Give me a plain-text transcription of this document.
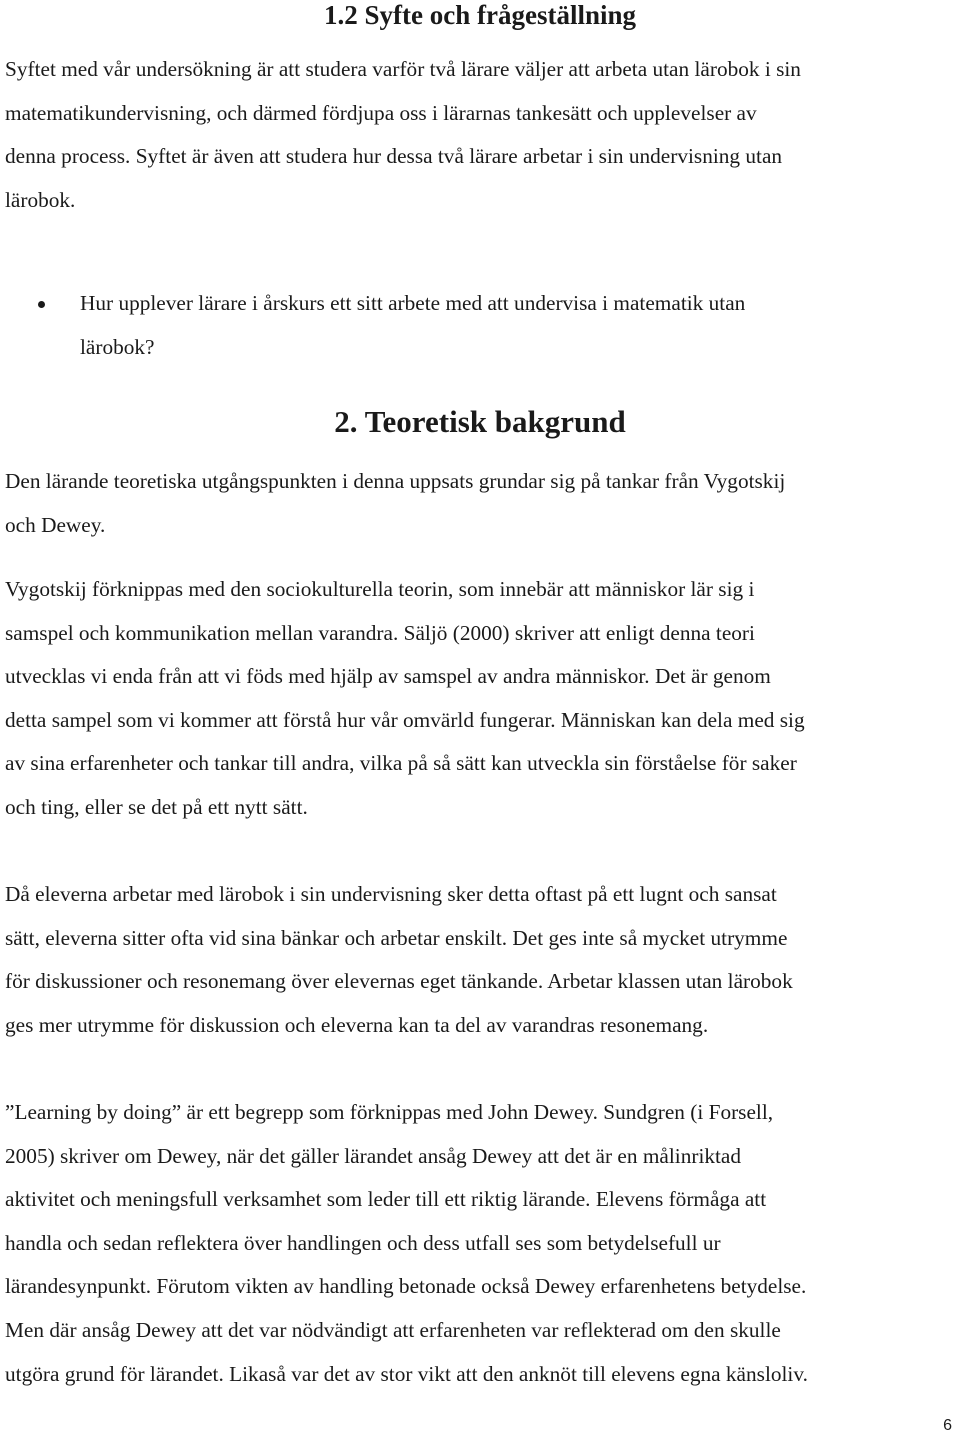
1.2 Syfte och frågeställning

Syftet med vår undersökning är att studera varför två lärare väljer att arbeta utan lärobok i sin
matematikundervisning, och därmed fördjupa oss i lärarnas tankesätt och upplevelser av
denna process. Syftet är även att studera hur dessa två lärare arbetar i sin undervisning utan
lärobok.

Hur upplever lärare i årskurs ett sitt arbete med att undervisa i matematik utan
lärobok?

2. Teoretisk bakgrund

Den lärande teoretiska utgångspunkten i denna uppsats grundar sig på tankar från Vygotskij
och Dewey.

Vygotskij förknippas med den sociokulturella teorin, som innebär att människor lär sig i
samspel och kommunikation mellan varandra. Säljö (2000) skriver att enligt denna teori
utvecklas vi enda från att vi föds med hjälp av samspel av andra människor. Det är genom
detta sampel som vi kommer att förstå hur vår omvärld fungerar. Människan kan dela med sig
av sina erfarenheter och tankar till andra, vilka på så sätt kan utveckla sin förståelse för saker
och ting, eller se det på ett nytt sätt.

Då eleverna arbetar med lärobok i sin undervisning sker detta oftast på ett lugnt och sansat
sätt, eleverna sitter ofta vid sina bänkar och arbetar enskilt. Det ges inte så mycket utrymme
för diskussioner och resonemang över elevernas eget tänkande. Arbetar klassen utan lärobok
ges mer utrymme för diskussion och eleverna kan ta del av varandras resonemang.

”Learning by doing” är ett begrepp som förknippas med John Dewey. Sundgren (i Forsell,
2005) skriver om Dewey, när det gäller lärandet ansåg Dewey att det är en målinriktad
aktivitet och meningsfull verksamhet som leder till ett riktig lärande. Elevens förmåga att
handla och sedan reflektera över handlingen och dess utfall ses som betydelsefull ur
lärandesynpunkt. Förutom vikten av handling betonade också Dewey erfarenhetens betydelse.
Men där ansåg Dewey att det var nödvändigt att erfarenheten var reflekterad om den skulle
utgöra grund för lärandet. Likaså var det av stor vikt att den anknöt till elevens egna känsloliv.

6
